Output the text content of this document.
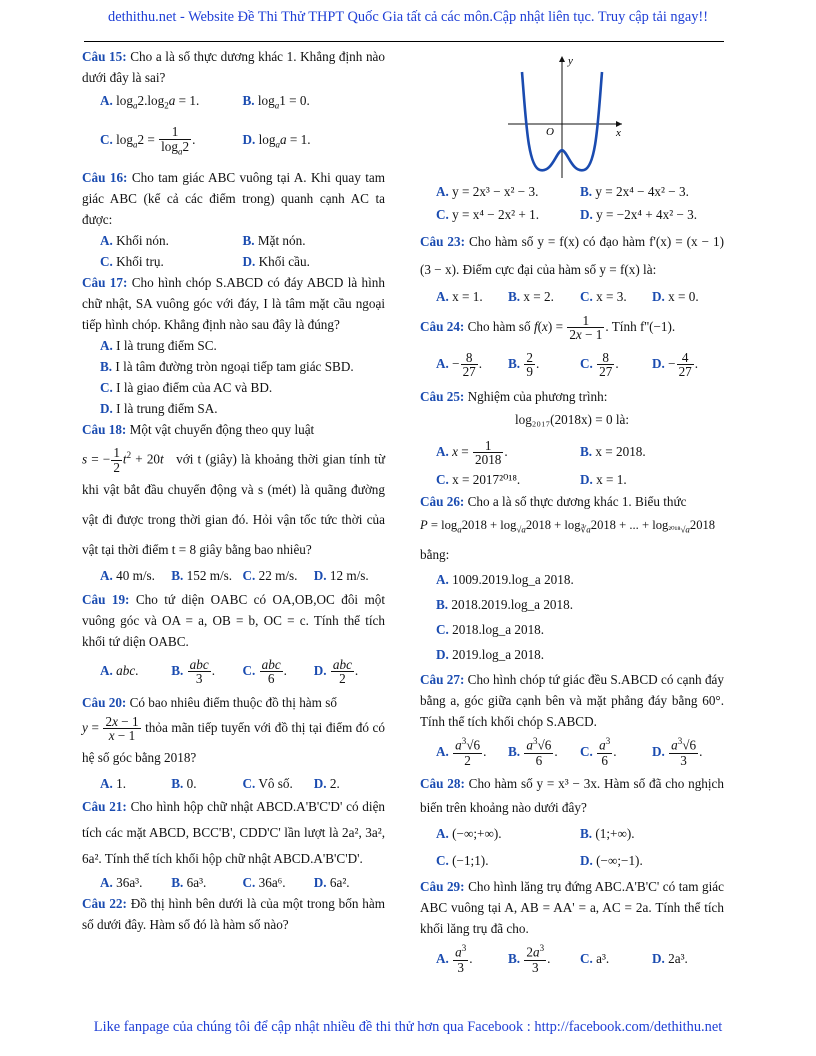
dethithu.net - Website Đề Thi Thử THPT Quốc Gia tất cả các môn.Cập nhật liên tục. Truy cập tải ngay!!

Câu 15: Cho a là số thực dương khác 1. Khẳng định nào dưới đây là sai?

A. $\log_a2.\log_2a = 1$.	B. $\log_a1 = 0$.
C. $\log_a2 = \frac{1}{\log_a2}$ .	D. $\log_aa = 1$.

Câu 16: Cho tam giác ABC vuông tại A. Khi quay tam giác ABC (kể cả các điểm trong) quanh cạnh AC ta được:

A. Khối nón.	B. Mặt nón.
C. Khối trụ.	D. Khối cầu.

Câu 17: Cho hình chóp S.ABCD có đáy ABCD là hình chữ nhật, SA vuông góc với đáy, I là tâm mặt cầu ngoại tiếp hình chóp. Khẳng định nào sau đây là đúng?

A. I là trung điểm SC.
B. I là tâm đường tròn ngoại tiếp tam giác SBD.
C. I là giao điểm của AC và BD.
D. I là trung điểm SA.

Câu 18: Một vật chuyển động theo quy luật

s = − $\frac{1}{2} t^2 + 20t$ với t (giây) là khoảng thời gian tính từ khi vật bắt đầu chuyển động và s (mét) là quãng đường vật đi được trong thời gian đó. Hỏi vận tốc tức thời của vật tại thời điểm t = 8 giây bằng bao nhiêu?

A. 40 m/s.	B. 152 m/s. C. 22 m/s.	D. 12 m/s.

Câu 19: Cho tứ diện OABC có OA,OB,OC đôi một vuông góc và OA = a, OB = b, OC = c. Tính thể tích khối tứ diện OABC.

A. abc.	B. $\frac{\text{abc}}{3}$ .	C. $\frac{\text{abc}}{6}$ .	D. $\frac{\text{abc}}{2}$ .

Câu 20: Có bao nhiêu điểm thuộc đồ thị hàm số

$y = \frac{2x - 1}{x - 1}$ thỏa mãn tiếp tuyến với đồ thị tại điểm đó có hệ số góc bằng 2018?

A. 1.	B. 0.	C. Vô số.	D. 2.

Câu 21: Cho hình hộp chữ nhật ABCD.A'B'C'D' có diện tích các mặt ABCD, BCC'B', CDD'C' lần lượt là 2a², 3a², 6a². Tính thể tích khối hộp chữ nhật ABCD.A'B'C'D'.

A. 36a³.	B. 6a³.	C. 36a⁶.	D. 6a².

Câu 22: Đồ thị hình bên dưới là của một trong bốn hàm số dưới đây. Hàm số đó là hàm số nào?

y
x
O
A. y = 2x³ − x² − 3.	B. y = 2x⁴ − 4x² − 3.
C. y = x⁴ − 2x² + 1.	D. y = −2x⁴ + 4x² − 3.

Câu 23: Cho hàm số y = f(x) có đạo hàm f'(x) = (x − 1)(3 − x). Điểm cực đại của hàm số y = f(x) là:

A. x = 1.	B. x = 2.	C. x = 3.	D. x = 0.

Câu 24: Cho hàm số $f(x) = \frac{1}{2x - 1}$ . Tính f''(−1).

A. − $\frac{8}{27}$ .	B. $\frac{2}{9}$ .	C. $\frac{8}{27}$ .	D. − $\frac{4}{27}$ .

Câu 25: Nghiệm của phương trình:

log₂₀₁₇(2018x) = 0 là:

A. $x = \frac{1}{2018}$ .	B. x = 2018.
C. x = 2017²⁰¹⁸.	D. x = 1.

Câu 26: Cho a là số thực dương khác 1. Biểu thức

$P = \log_a2018 + \log_{√a}2018 + \log_{∛a}2018$ + ... + $\log_{^{2018}√a}2018$

bằng:

A. 1009.2019.log_a 2018.
B. 2018.2019.log_a 2018.
C. 2018.log_a 2018.
D. 2019.log_a 2018.

Câu 27: Cho hình chóp tứ giác đều S.ABCD có cạnh đáy bằng a, góc giữa cạnh bên và mặt phẳng đáy bằng 60°. Tính thể tích khối chóp S.ABCD.

A. $\frac{a^3√6}{2}$ .	B. $\frac{a^3√6}{6}$ .	C. $\frac{a^3}{6}$ .	D. $\frac{a^3√6}{3}$ .

Câu 28: Cho hàm số y = x³ − 3x. Hàm số đã cho nghịch biến trên khoảng nào dưới đây?

A. (−∞;+∞).	B. (1;+∞).
C. (−1;1).	D. (−∞;−1).

Câu 29: Cho hình lăng trụ đứng ABC.A'B'C' có tam giác ABC vuông tại A, AB = AA' = a, AC = 2a. Tính thể tích khối lăng trụ đã cho.

A. $\frac{a^3}{3}$ .	B. $\frac{2a^3}{3}$ .	C. a³.	D. 2a³.
Like fanpage của chúng tôi để cập nhật nhiều đề thi thử hơn qua Facebook : http://facebook.com/dethithu.net
